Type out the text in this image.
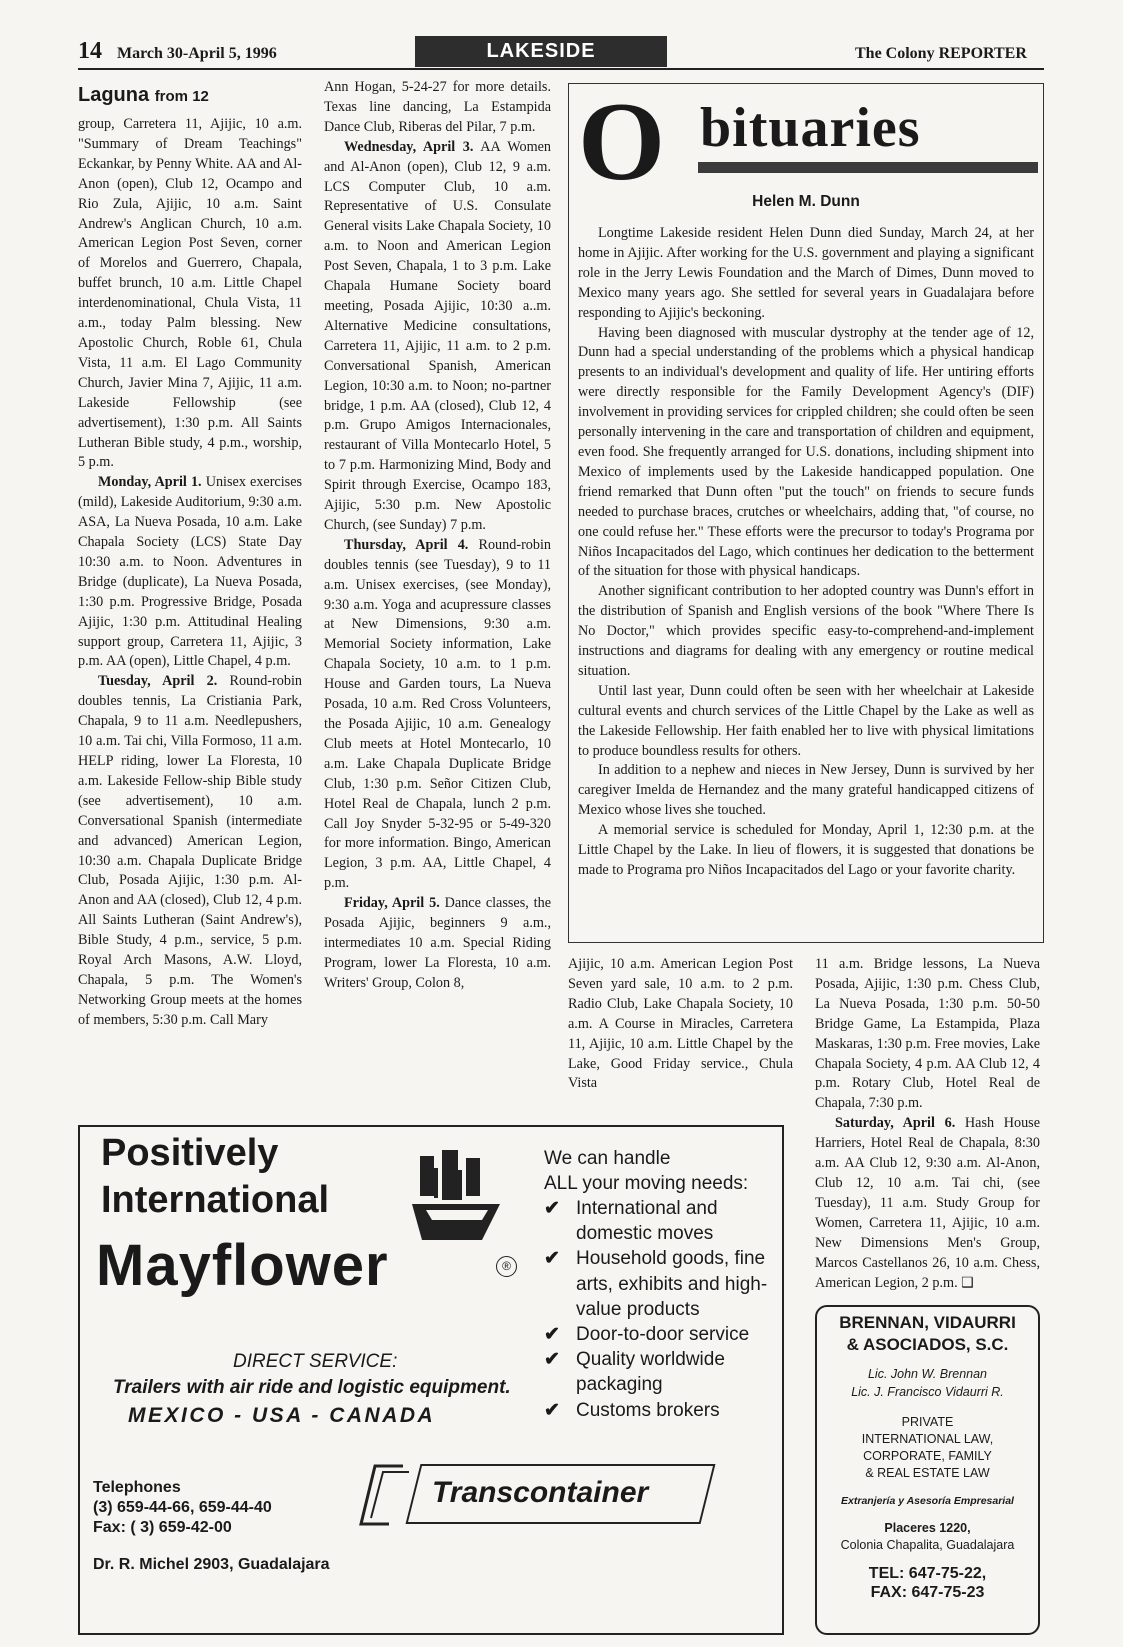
14 March 30-April 5, 1996	LAKESIDE	The Colony REPORTER
Laguna from 12

group, Carretera 11, Ajijic, 10 a.m. "Summary of Dream Teachings" Eckankar, by Penny White. AA and Al-Anon (open), Club 12, Ocampo and Rio Zula, Ajijic, 10 a.m. Saint Andrew's Anglican Church, 10 a.m. American Legion Post Seven, corner of Morelos and Guerrero, Chapala, buffet brunch, 10 a.m. Little Chapel interdenominational, Chula Vista, 11 a.m., today Palm blessing. New Apostolic Church, Roble 61, Chula Vista, 11 a.m. El Lago Community Church, Javier Mina 7, Ajijic, 11 a.m. Lakeside Fellowship (see advertisement), 1:30 p.m. All Saints Lutheran Bible study, 4 p.m., worship, 5 p.m.

Monday, April 1. Unisex exercises (mild), Lakeside Auditorium, 9:30 a.m. ASA, La Nueva Posada, 10 a.m. Lake Chapala Society (LCS) State Day 10:30 a.m. to Noon. Adventures in Bridge (duplicate), La Nueva Posada, 1:30 p.m. Progressive Bridge, Posada Ajijic, 1:30 p.m. Attitudinal Healing support group, Carretera 11, Ajijic, 3 p.m. AA (open), Little Chapel, 4 p.m.

Tuesday, April 2. Round-robin doubles tennis, La Cristiania Park, Chapala, 9 to 11 a.m. Needlepushers, 10 a.m. Tai chi, Villa Formoso, 11 a.m. HELP riding, lower La Floresta, 10 a.m. Lakeside Fellow-ship Bible study (see advertisement), 10 a.m. Conversational Spanish (intermediate and advanced) American Legion, 10:30 a.m. Chapala Duplicate Bridge Club, Posada Ajijic, 1:30 p.m. Al-Anon and AA (closed), Club 12, 4 p.m. All Saints Lutheran (Saint Andrew's), Bible Study, 4 p.m., service, 5 p.m. Royal Arch Masons, A.W. Lloyd, Chapala, 5 p.m. The Women's Networking Group meets at the homes of members, 5:30 p.m. Call Mary

Ann Hogan, 5-24-27 for more details. Texas line dancing, La Estampida Dance Club, Riberas del Pilar, 7 p.m.

Wednesday, April 3. AA Women and Al-Anon (open), Club 12, 9 a.m. LCS Computer Club, 10 a.m. Representative of U.S. Consulate General visits Lake Chapala Society, 10 a.m. to Noon and American Legion Post Seven, Chapala, 1 to 3 p.m. Lake Chapala Humane Society board meeting, Posada Ajijic, 10:30 a..m. Alternative Medicine consultations, Carretera 11, Ajijic, 11 a.m. to 2 p.m. Conversational Spanish, American Legion, 10:30 a.m. to Noon; no-partner bridge, 1 p.m. AA (closed), Club 12, 4 p.m. Grupo Amigos Internacionales, restaurant of Villa Montecarlo Hotel, 5 to 7 p.m. Harmonizing Mind, Body and Spirit through Exercise, Ocampo 183, Ajijic, 5:30 p.m. New Apostolic Church, (see Sunday) 7 p.m.

Thursday, April 4. Round-robin doubles tennis (see Tuesday), 9 to 11 a.m. Unisex exercises, (see Monday), 9:30 a.m. Yoga and acupressure classes at New Dimensions, 9:30 a.m. Memorial Society information, Lake Chapala Society, 10 a.m. to 1 p.m. House and Garden tours, La Nueva Posada, 10 a.m. Red Cross Volunteers, the Posada Ajijic, 10 a.m. Genealogy Club meets at Hotel Montecarlo, 10 a.m. Lake Chapala Duplicate Bridge Club, 1:30 p.m. Señor Citizen Club, Hotel Real de Chapala, lunch 2 p.m. Call Joy Snyder 5-32-95 or 5-49-320 for more information. Bingo, American Legion, 3 p.m. AA, Little Chapel, 4 p.m.

Friday, April 5. Dance classes, the Posada Ajijic, beginners 9 a.m., intermediates 10 a.m. Special Riding Program, lower La Floresta, 10 a.m. Writers' Group, Colon 8,

Ajijic, 10 a.m. American Legion Post Seven yard sale, 10 a.m. to 2 p.m. Radio Club, Lake Chapala Society, 10 a.m. A Course in Miracles, Carretera 11, Ajijic, 10 a.m. Little Chapel by the Lake, Good Friday service., Chula Vista

11 a.m. Bridge lessons, La Nueva Posada, Ajijic, 1:30 p.m. Chess Club, La Nueva Posada, 1:30 p.m. 50-50 Bridge Game, La Estampida, Plaza Maskaras, 1:30 p.m. Free movies, Lake Chapala Society, 4 p.m. AA Club 12, 4 p.m. Rotary Club, Hotel Real de Chapala, 7:30 p.m.

Saturday, April 6. Hash House Harriers, Hotel Real de Chapala, 8:30 a.m. AA Club 12, 9:30 a.m. Al-Anon, Club 12, 10 a.m. Tai chi, (see Tuesday), 11 a.m. Study Group for Women, Carretera 11, Ajijic, 10 a.m. New Dimensions Men's Group, Marcos Castellanos 26, 10 a.m. Chess, American Legion, 2 p.m. ❑

O bituaries
Helen M. Dunn

Longtime Lakeside resident Helen Dunn died Sunday, March 24, at her home in Ajijic. After working for the U.S. government and playing a significant role in the Jerry Lewis Foundation and the March of Dimes, Dunn moved to Mexico many years ago. She settled for several years in Guadalajara before responding to Ajijic's beckoning.

Having been diagnosed with muscular dystrophy at the tender age of 12, Dunn had a special understanding of the problems which a physical handicap presents to an individual's development and quality of life. Her untiring efforts were directly responsible for the Family Development Agency's (DIF) involvement in providing services for crippled children; she could often be seen personally intervening in the care and transportation of children and equipment, even food. She frequently arranged for U.S. donations, including shipment into Mexico of implements used by the Lakeside handicapped population. One friend remarked that Dunn often "put the touch" on friends to secure funds needed to purchase braces, crutches or wheelchairs, adding that, "of course, no one could refuse her." These efforts were the precursor to today's Programa por Niños Incapacitados del Lago, which continues her dedication to the betterment of the situation for those with physical handicaps.

Another significant contribution to her adopted country was Dunn's effort in the distribution of Spanish and English versions of the book "Where There Is No Doctor," which provides specific easy-to-comprehend-and-implement instructions and diagrams for dealing with any emergency or routine medical situation.

Until last year, Dunn could often be seen with her wheelchair at Lakeside cultural events and church services of the Little Chapel by the Lake as well as the Lakeside Fellowship. Her faith enabled her to live with physical limitations to produce boundless results for others.

In addition to a nephew and nieces in New Jersey, Dunn is survived by her caregiver Imelda de Hernandez and the many grateful handicapped citizens of Mexico whose lives she touched.

A memorial service is scheduled for Monday, April 1, 12:30 p.m. at the Little Chapel by the Lake. In lieu of flowers, it is suggested that donations be made to Programa pro Niños Incapacitados del Lago or your favorite charity.

Positively
International
Mayflower	®
We can handle
ALL your moving needs:
✔ International and domestic moves
✔ Household goods, fine arts, exhibits and high-value products
✔ Door-to-door service
✔ Quality worldwide packaging
✔ Customs brokers
DIRECT SERVICE:
Trailers with air ride and logistic equipment.
MEXICO - USA - CANADA
Telephones
(3) 659-44-66, 659-44-40
Fax: ( 3) 659-42-00
Dr. R. Michel 2903, Guadalajara
Transcontainer
BRENNAN, VIDAURRI
& ASOCIADOS, S.C.
Lic. John W. Brennan
Lic. J. Francisco Vidaurri R.
PRIVATE
INTERNATIONAL LAW,
CORPORATE, FAMILY
& REAL ESTATE LAW
Extranjería y Asesoría Empresarial
Placeres 1220,
Colonia Chapalita, Guadalajara
TEL: 647-75-22,
FAX: 647-75-23
